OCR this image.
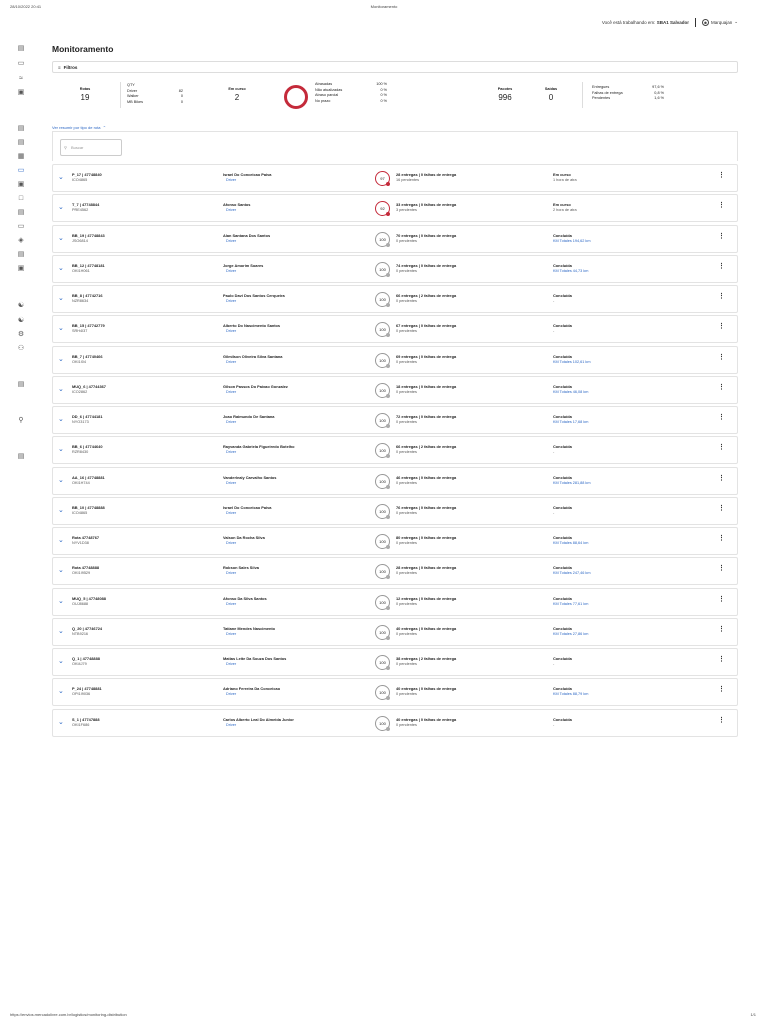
28/10/2022 20:41	Monitoramento
Você está trabalhando em:
SBA1 Salvador	☻ Marquajan ⌄
▤
▭
≈
▣
▤
▤
▦
▭
▣
□
▤
▭
◈
▤
▣
☯
☯
⚙
⚇
▤
⚲
▤
Monitoramento
≡ Filtros
Rotas
19
QTY
Driver	82
Walker	0
MB Bikes	0
Em curso
2
Atrasadas	100 %
Não atualizadas	0 %
Atraso parcial	0 %
No prazo	0 %
Pacotes
996
Saídas
0
Entregues	97,6 %
Falhas de entrega	0,8 %
Pendentes	1,6 %
Ver resumir por tipo de rota  ⌃
⚲ Buscar
⌄ P_17 | 47748840
ICO4865
Israel Do Conceicao Paiva
Driver	97
28 entregas | 0 falhas de entrega
16 pendentes
Em curso
1 hora de atra
⋮
⌄ T_7 | 47748844
PRE4562
Afonso Santos
Driver	92
33 entregas | 0 falhas de entrega
3 pendentes
Em curso
2 hora de atra
⋮
⌄ BB_19 | 47748843
JSO6814
Alan Santana Dos Santos
Driver	100
70 entregas | 0 falhas de entrega
0 pendentes
Concluída
KM Totales 194,62 km
⋮
⌄ BB_12 | 47748181
OKI1H061
Jorge Amorim Soares
Driver	100
74 entregas | 0 falhas de entrega
0 pendentes
Concluída
KM Totales 44,73 km
⋮
⌄ BB_8 | 47742716
NZR8634
Paulo Davi Dos Santos Cerqueira
Driver	100
66 entregas | 2 falhas de entrega
0 pendentes
Concluída
-
⋮
⌄ BB_15 | 47742779
SRH4I37
Alberto Do Nascimento Santos
Driver	100
67 entregas | 0 falhas de entrega
0 pendentes
Concluída
-
⋮
⌄ BB_7 | 47740466
OKI1I04
Gilmilson Oliveira Silva Santana
Driver	100
69 entregas | 0 falhas de entrega
0 pendentes
Concluída
KM Totales 102,61 km
⋮
⌄ MUQ_6 | 47744367
ICO2862
Gilson Passos Do Paixao Gonzalez
Driver	100
18 entregas | 0 falhas de entrega
0 pendentes
Concluída
KM Totales 46,08 km
⋮
⌄ DD_6 | 47744181
NYO3173
Joao Raimundo De Santana
Driver	100
72 entregas | 0 falhas de entrega
0 pendentes
Concluída
KM Totales 17,68 km
⋮
⌄ BB_6 | 47744640
RZR8430
Rayvanda Gabriela Figueiredo Botelho
Driver	100
66 entregas | 2 falhas de entrega
0 pendentes
Concluída
-
⋮
⌄ AA_16 | 47748881
OKI1H744
Vanderlealy Carvalho Santos
Driver	100
46 entregas | 0 falhas de entrega
0 pendentes
Concluída
KM Totales 281,88 km
⋮
⌄ BB_10 | 47748888
ICO4865
Israel Do Conceicao Paiva
Driver	100
76 entregas | 0 falhas de entrega
0 pendentes
Concluída
-
⋮
⌄ Rota 47748767
NYV1D38
Valson Da Rocha Silva
Driver	100
80 entregas | 0 falhas de entrega
0 pendentes
Concluída
KM Totales 88,64 km
⋮
⌄ Rota 47748888
OKI1I9529
Robson Sales Silva
Driver	100
28 entregas | 0 falhas de entrega
0 pendentes
Concluída
KM Totales 247,46 km
⋮
⌄ MUQ_5 | 47748088
OUJ8688
Afonso Da Silva Santos
Driver	100
12 entregas | 0 falhas de entrega
0 pendentes
Concluída
KM Totales 77,61 km
⋮
⌄ Q_20 | 47746724
NTB9216
Tatiane Mendes Nascimento
Driver	100
40 entregas | 0 falhas de entrega
0 pendentes
Concluída
KM Totales 27,86 km
⋮
⌄ Q_1 | 47748888
OKI4J79
Matias Leite Da Souza Dos Santos
Driver	100
38 entregas | 2 falhas de entrega
0 pendentes
Concluída
-
⋮
⌄ P_24 | 47748881
OPI1I9036
Adriano Ferreira Da Conceicao
Driver	100
40 entregas | 0 falhas de entrega
0 pendentes
Concluída
KM Totales 88,79 km
⋮
⌄ S_1 | 47747888
OKI1F686
Carlos Alberto Leal Do Almeida Junior
Driver	100
40 entregas | 0 falhas de entrega
0 pendentes
Concluída
-
⋮
https://envios.mercadolivre.com.br/logistics/monitoring-distribution	1/1
